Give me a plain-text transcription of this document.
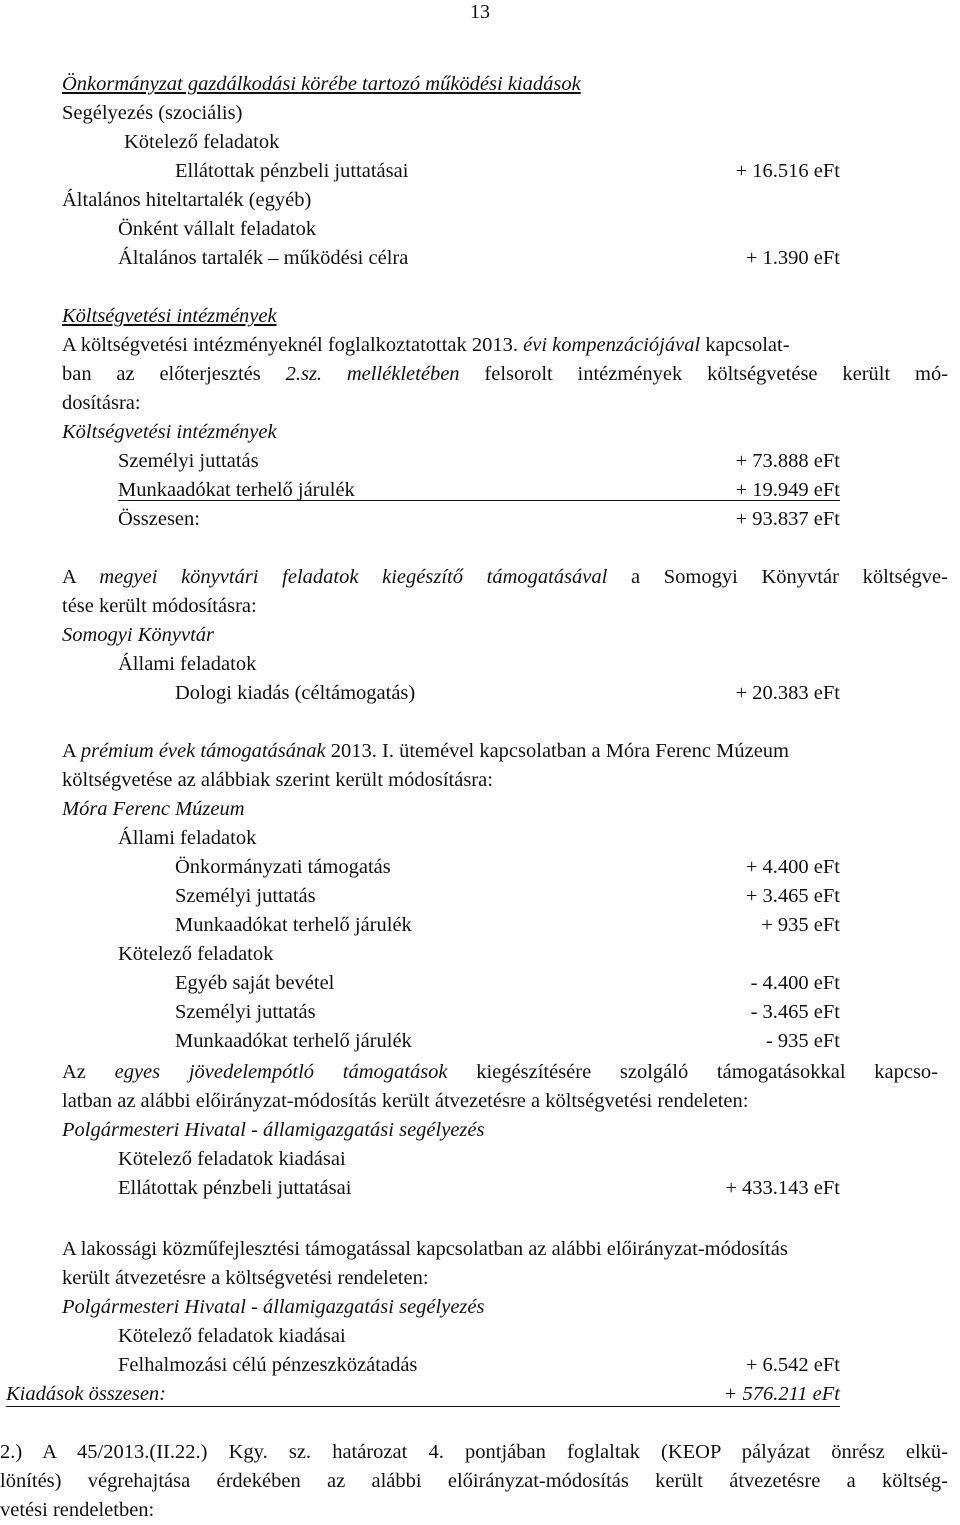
13
Önkormányzat gazdálkodási körébe tartozó működési kiadások
Segélyezés (szociális)
Kötelező feladatok
Ellátottak pénzbeli juttatásai	+ 16.516 eFt
Általános hiteltartalék (egyéb)
Önként vállalt feladatok
Általános tartalék – működési célra	+ 1.390 eFt
Költségvetési intézmények
A költségvetési intézményeknél foglalkoztatottak 2013. évi kompenzációjával kapcsolat-
ban az előterjesztés 2.sz. mellékletében felsorolt intézmények költségvetése került mó-
dosításra:
Költségvetési intézmények
Személyi juttatás	+ 73.888 eFt
Munkaadókat terhelő járulék	+ 19.949 eFt
Összesen:	+ 93.837 eFt
A megyei könyvtári feladatok kiegészítő támogatásával a Somogyi Könyvtár költségve-
tése került módosításra:
Somogyi Könyvtár
Állami feladatok
Dologi kiadás (céltámogatás)	+ 20.383 eFt
A prémium évek támogatásának 2013. I. ütemével kapcsolatban a Móra Ferenc Múzeum
költségvetése az alábbiak szerint került módosításra:
Móra Ferenc Múzeum
Állami feladatok
Önkormányzati támogatás	+ 4.400 eFt
Személyi juttatás	+ 3.465 eFt
Munkaadókat terhelő járulék	+ 935 eFt
Kötelező feladatok
Egyéb saját bevétel	- 4.400 eFt
Személyi juttatás	- 3.465 eFt
Munkaadókat terhelő járulék	- 935 eFt
Az egyes jövedelempótló támogatások kiegészítésére szolgáló támogatásokkal kapcso-
latban az alábbi előirányzat-módosítás került átvezetésre a költségvetési rendeleten:
Polgármesteri Hivatal - államigazgatási segélyezés
Kötelező feladatok kiadásai
Ellátottak pénzbeli juttatásai	+ 433.143 eFt
A lakossági közműfejlesztési támogatással kapcsolatban az alábbi előirányzat-módosítás
került átvezetésre a költségvetési rendeleten:
Polgármesteri Hivatal - államigazgatási segélyezés
Kötelező feladatok kiadásai
Felhalmozási célú pénzeszközátadás	+ 6.542 eFt
Kiadások összesen:	+ 576.211 eFt
2.) A 45/2013.(II.22.) Kgy. sz. határozat 4. pontjában foglaltak (KEOP pályázat önrész elkü-
lönítés) végrehajtása érdekében az alábbi előirányzat-módosítás került átvezetésre a költség-
vetési rendeletben:
